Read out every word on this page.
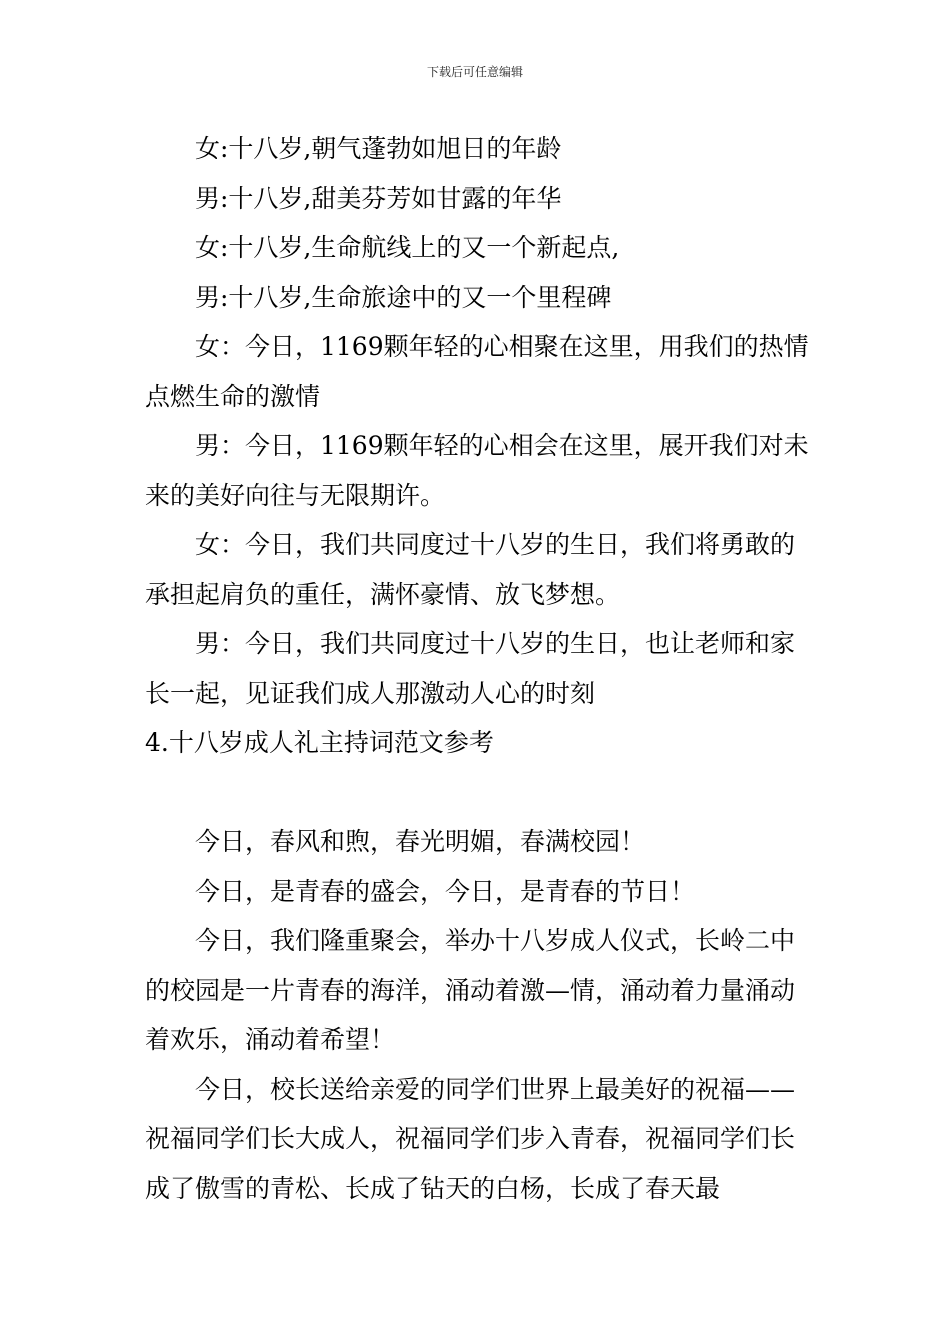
下载后可任意编辑

女:十八岁,朝气蓬勃如旭日的年龄

男:十八岁,甜美芬芳如甘露的年华

女:十八岁,生命航线上的又一个新起点,

男:十八岁,生命旅途中的又一个里程碑

女：今日，1169颗年轻的心相聚在这里，用我们的热情点燃生命的激情

男：今日，1169颗年轻的心相会在这里，展开我们对未来的美好向往与无限期许。

女：今日，我们共同度过十八岁的生日，我们将勇敢的承担起肩负的重任，满怀豪情、放飞梦想。

男：今日，我们共同度过十八岁的生日，也让老师和家长一起，见证我们成人那激动人心的时刻

4.十八岁成人礼主持词范文参考

今日，春风和煦，春光明媚，春满校园！

今日，是青春的盛会，今日，是青春的节日！

今日，我们隆重聚会，举办十八岁成人仪式，长岭二中的校园是一片青春的海洋，涌动着激—情，涌动着力量涌动着欢乐，涌动着希望！

今日，校长送给亲爱的同学们世界上最美好的祝福——祝福同学们长大成人，祝福同学们步入青春，祝福同学们长成了傲雪的青松、长成了钻天的白杨，长成了春天最
